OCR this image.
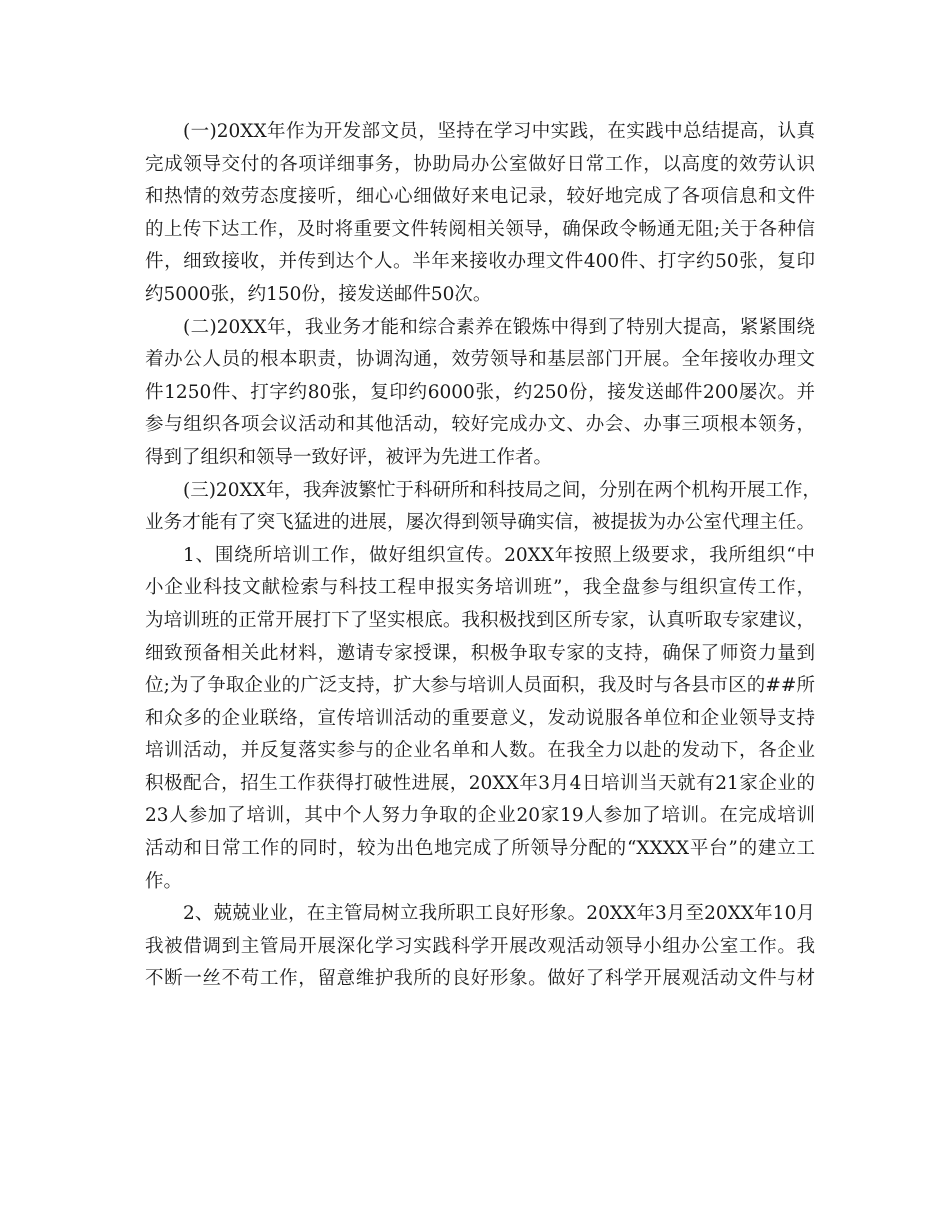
(一)20XX年作为开发部文员，坚持在学习中实践，在实践中总结提高，认真
完成领导交付的各项详细事务，协助局办公室做好日常工作，以高度的效劳认识
和热情的效劳态度接听，细心心细做好来电记录，较好地完成了各项信息和文件
的上传下达工作，及时将重要文件转阅相关领导，确保政令畅通无阻;关于各种信
件，细致接收，并传到达个人。半年来接收办理文件400件、打字约50张，复印
约5000张，约150份，接发送邮件50次。
(二)20XX年，我业务才能和综合素养在锻炼中得到了特别大提高，紧紧围绕
着办公人员的根本职责，协调沟通，效劳领导和基层部门开展。全年接收办理文
件1250件、打字约80张，复印约6000张，约250份，接发送邮件200屡次。并
参与组织各项会议活动和其他活动，较好完成办文、办会、办事三项根本领务，
得到了组织和领导一致好评，被评为先进工作者。
(三)20XX年，我奔波繁忙于科研所和科技局之间，分别在两个机构开展工作，
业务才能有了突飞猛进的进展，屡次得到领导确实信，被提拔为办公室代理主任。
1、围绕所培训工作，做好组织宣传。20XX年按照上级要求，我所组织“中
小企业科技文献检索与科技工程申报实务培训班”，我全盘参与组织宣传工作，
为培训班的正常开展打下了坚实根底。我积极找到区所专家，认真听取专家建议，
细致预备相关此材料，邀请专家授课，积极争取专家的支持，确保了师资力量到
位;为了争取企业的广泛支持，扩大参与培训人员面积，我及时与各县市区的##所
和众多的企业联络，宣传培训活动的重要意义，发动说服各单位和企业领导支持
培训活动，并反复落实参与的企业名单和人数。在我全力以赴的发动下，各企业
积极配合，招生工作获得打破性进展，20XX年3月4日培训当天就有21家企业的
23人参加了培训，其中个人努力争取的企业20家19人参加了培训。在完成培训
活动和日常工作的同时，较为出色地完成了所领导分配的“XXXX平台”的建立工
作。
2、兢兢业业，在主管局树立我所职工良好形象。20XX年3月至20XX年10月
我被借调到主管局开展深化学习实践科学开展改观活动领导小组办公室工作。我
不断一丝不苟工作，留意维护我所的良好形象。做好了科学开展观活动文件与材
